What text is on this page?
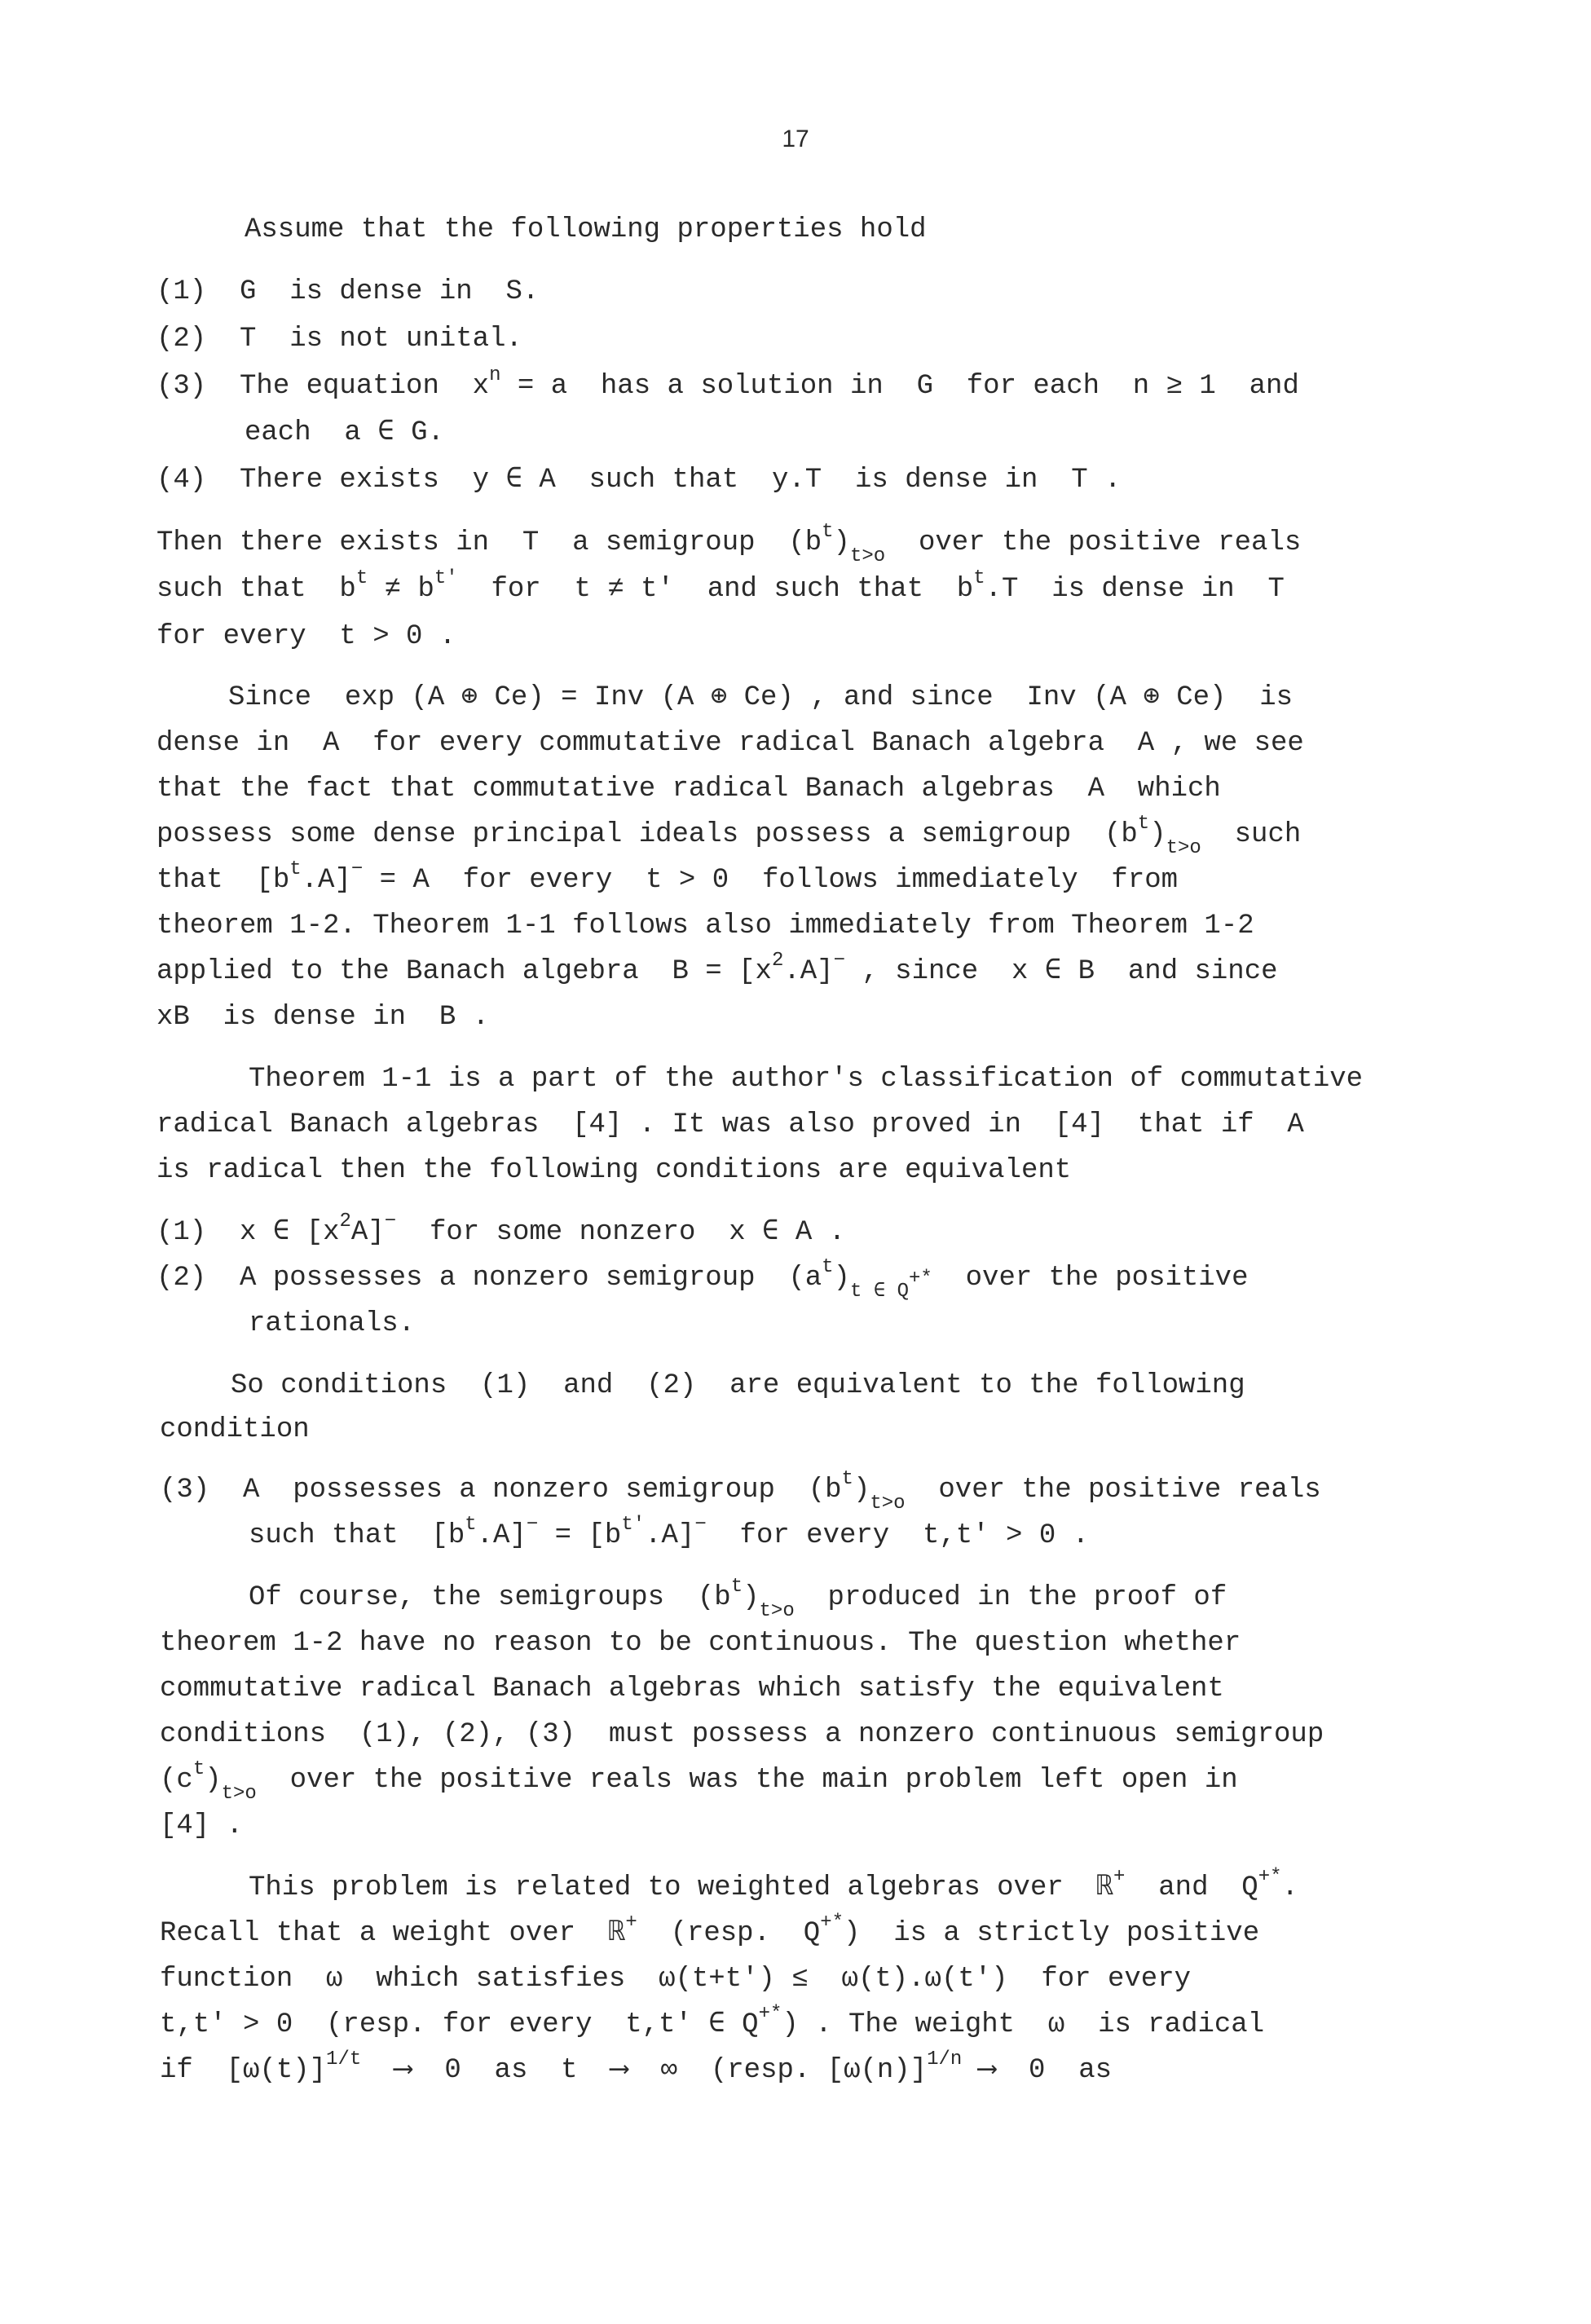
17
Assume that the following properties hold
(1)  G  is dense in  S.
(2)  T  is not unital.
(3)  The equation  $x^n = a$  has a solution in  G  for each  n ≥ 1  and
each  a ∈ G.
(4)  There exists  y ∈ A  such that  y.T  is dense in  T .
Then there exists in  T  a semigroup  $(b^t)_{t>o}$  over the positive reals
such that  $b^t \ne b^{t'}$  for  t ≠ t'  and such that  $b^t.T$  is dense in  T
for every  t > 0 .
Since  exp (A ⊕ Ce) = Inv (A ⊕ Ce) , and since  Inv (A ⊕ Ce)  is
dense in  A  for every commutative radical Banach algebra  A , we see
that the fact that commutative radical Banach algebras  A  which
possess some dense principal ideals possess a semigroup  $(b^t)_{t>o}$  such
that  $[b^t.A]^- = A$  for every  t > 0  follows immediately  from
theorem 1-2. Theorem 1-1 follows also immediately from Theorem 1-2
applied to the Banach algebra  $B = [x^2.A]^-$ , since  x ∈ B  and since
xB  is dense in  B .
Theorem 1-1 is a part of the author's classification of commutative
radical Banach algebras  [4] . It was also proved in  [4]  that if  A
is radical then the following conditions are equivalent
(1)  x ∈ $[x^2A]^-$  for some nonzero  x ∈ A .
(2)  A possesses a nonzero semigroup  $(a^t)_{t \in Q^{+*}}$  over the positive
rationals.
So conditions  (1)  and  (2)  are equivalent to the following
condition
(3)  A  possesses a nonzero semigroup  $(b^t)_{t>o}$  over the positive reals
such that  $[b^t.A]^- = [b^{t'}.A]^-$  for every  t,t' > 0 .
Of course, the semigroups  $(b^t)_{t>o}$  produced in the proof of
theorem 1-2 have no reason to be continuous. The question whether
commutative radical Banach algebras which satisfy the equivalent
conditions  (1), (2), (3)  must possess a nonzero continuous semigroup
$(c^t)_{t>o}$  over the positive reals was the main problem left open in
[4] .
This problem is related to weighted algebras over  ℝ+  and  Q+*.
Recall that a weight over  ℝ+  (resp.  Q+*)  is a strictly positive
function  ω  which satisfies  ω(t+t') ≤  ω(t).ω(t')  for every
t,t' > 0  (resp. for every  t,t' ∈ Q+*) . The weight  ω  is radical
if  $[\omega(t)]^{1/t}$  ⟶  0  as  t  ⟶  ∞  (resp. $[\omega(n)]^{1/n}$ ⟶  0  as
